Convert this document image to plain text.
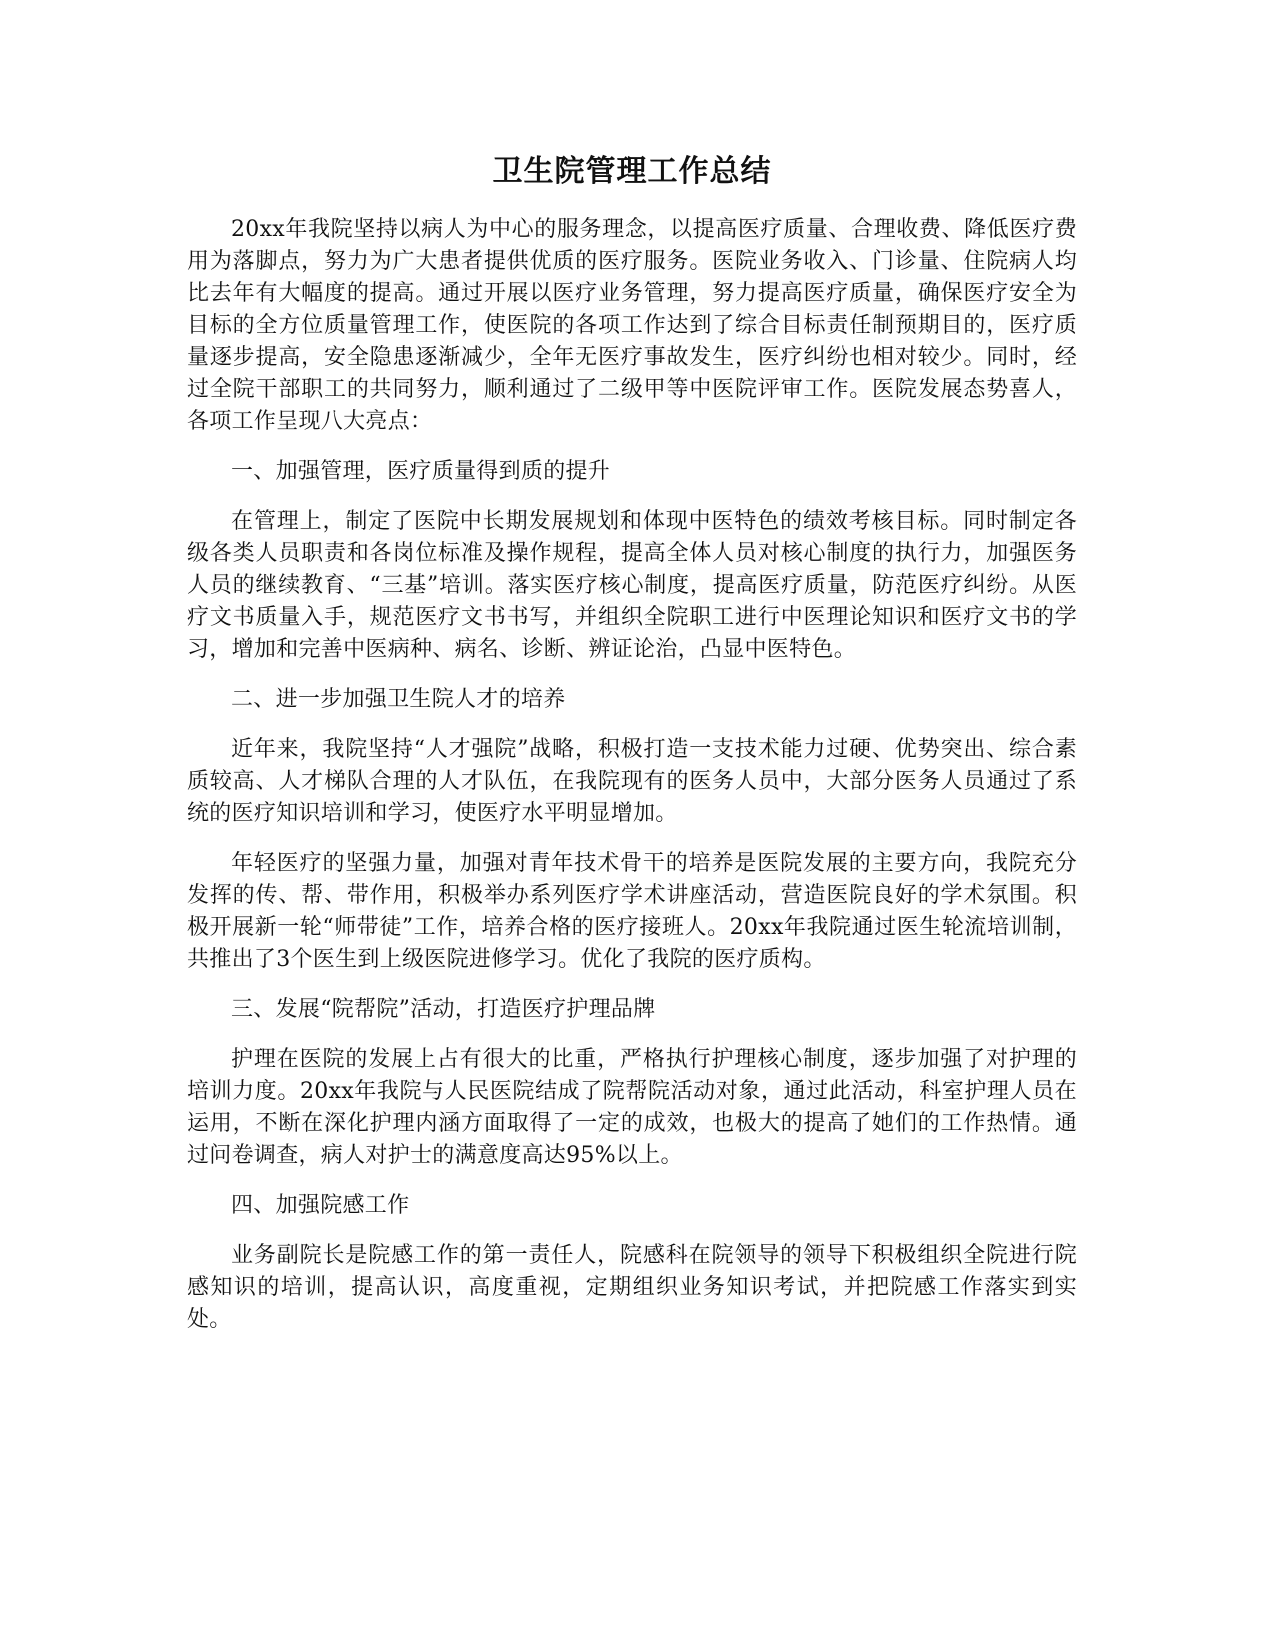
卫生院管理工作总结

20xx年我院坚持以病人为中心的服务理念，以提高医疗质量、合理收费、降低医疗费用为落脚点，努力为广大患者提供优质的医疗服务。医院业务收入、门诊量、住院病人均比去年有大幅度的提高。通过开展以医疗业务管理，努力提高医疗质量，确保医疗安全为目标的全方位质量管理工作，使医院的各项工作达到了综合目标责任制预期目的，医疗质量逐步提高，安全隐患逐渐减少，全年无医疗事故发生，医疗纠纷也相对较少。同时，经过全院干部职工的共同努力，顺利通过了二级甲等中医院评审工作。医院发展态势喜人，各项工作呈现八大亮点：

一、加强管理，医疗质量得到质的提升

在管理上，制定了医院中长期发展规划和体现中医特色的绩效考核目标。同时制定各级各类人员职责和各岗位标准及操作规程，提高全体人员对核心制度的执行力，加强医务人员的继续教育、“三基”培训。落实医疗核心制度，提高医疗质量，防范医疗纠纷。从医疗文书质量入手，规范医疗文书书写，并组织全院职工进行中医理论知识和医疗文书的学习，增加和完善中医病种、病名、诊断、辨证论治，凸显中医特色。

二、进一步加强卫生院人才的培养

近年来，我院坚持“人才强院”战略，积极打造一支技术能力过硬、优势突出、综合素质较高、人才梯队合理的人才队伍，在我院现有的医务人员中，大部分医务人员通过了系统的医疗知识培训和学习，使医疗水平明显增加。

年轻医疗的坚强力量，加强对青年技术骨干的培养是医院发展的主要方向，我院充分发挥的传、帮、带作用，积极举办系列医疗学术讲座活动，营造医院良好的学术氛围。积极开展新一轮“师带徒”工作，培养合格的医疗接班人。20xx年我院通过医生轮流培训制，共推出了3个医生到上级医院进修学习。优化了我院的医疗质构。

三、发展“院帮院”活动，打造医疗护理品牌

护理在医院的发展上占有很大的比重，严格执行护理核心制度，逐步加强了对护理的培训力度。20xx年我院与人民医院结成了院帮院活动对象，通过此活动，科室护理人员在运用，不断在深化护理内涵方面取得了一定的成效，也极大的提高了她们的工作热情。通过问卷调查，病人对护士的满意度高达95%以上。

四、加强院感工作

业务副院长是院感工作的第一责任人，院感科在院领导的领导下积极组织全院进行院感知识的培训，提高认识，高度重视，定期组织业务知识考试，并把院感工作落实到实处。
